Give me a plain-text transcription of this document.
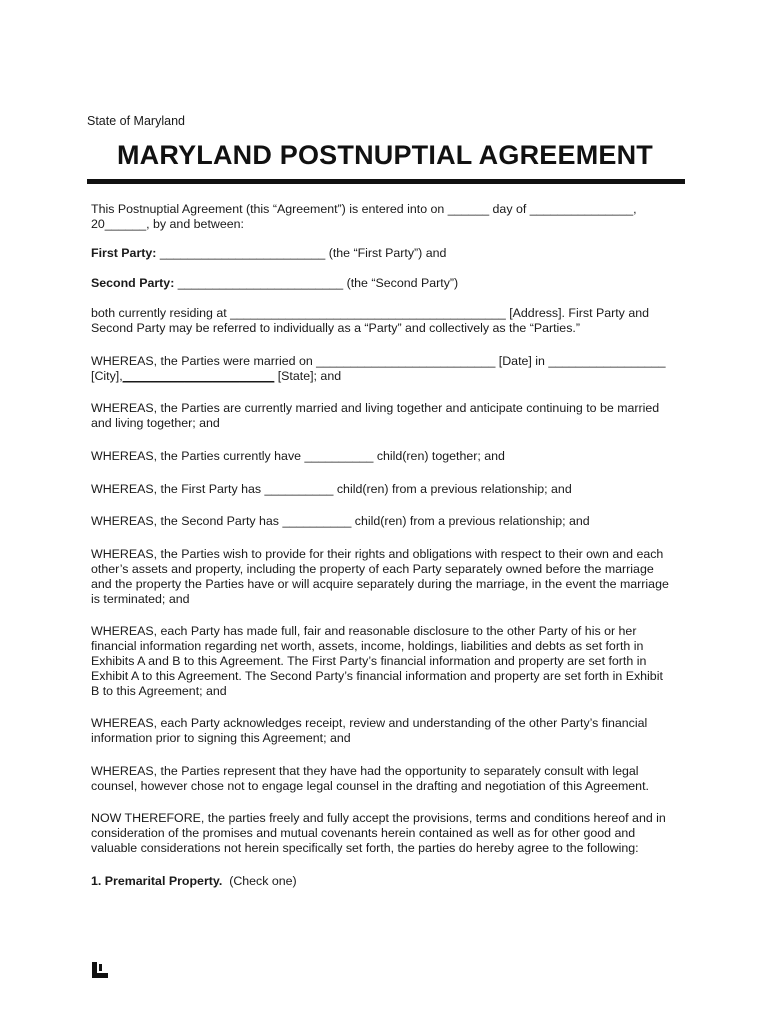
State of Maryland
MARYLAND POSTNUPTIAL AGREEMENT
This Postnuptial Agreement (this “Agreement”) is entered into on ______ day of _______________,
20______, by and between:
First Party: ________________________ (the “First Party”) and
Second Party: ________________________ (the “Second Party”)
both currently residing at ________________________________________ [Address]. First Party and
Second Party may be referred to individually as a “Party” and collectively as the “Parties.”
WHEREAS, the Parties were married on __________________________ [Date] in _________________
[City],______________________ [State]; and
WHEREAS, the Parties are currently married and living together and anticipate continuing to be married
and living together; and
WHEREAS, the Parties currently have __________ child(ren) together; and
WHEREAS, the First Party has __________ child(ren) from a previous relationship; and
WHEREAS, the Second Party has __________ child(ren) from a previous relationship; and
WHEREAS, the Parties wish to provide for their rights and obligations with respect to their own and each
other’s assets and property, including the property of each Party separately owned before the marriage
and the property the Parties have or will acquire separately during the marriage, in the event the marriage
is terminated; and
WHEREAS, each Party has made full, fair and reasonable disclosure to the other Party of his or her
financial information regarding net worth, assets, income, holdings, liabilities and debts as set forth in
Exhibits A and B to this Agreement. The First Party’s financial information and property are set forth in
Exhibit A to this Agreement. The Second Party’s financial information and property are set forth in Exhibit
B to this Agreement; and
WHEREAS, each Party acknowledges receipt, review and understanding of the other Party’s financial
information prior to signing this Agreement; and
WHEREAS, the Parties represent that they have had the opportunity to separately consult with legal
counsel, however chose not to engage legal counsel in the drafting and negotiation of this Agreement.
NOW THEREFORE, the parties freely and fully accept the provisions, terms and conditions hereof and in
consideration of the promises and mutual covenants herein contained as well as for other good and
valuable considerations not herein specifically set forth, the parties do hereby agree to the following:
1. Premarital Property.  (Check one)
